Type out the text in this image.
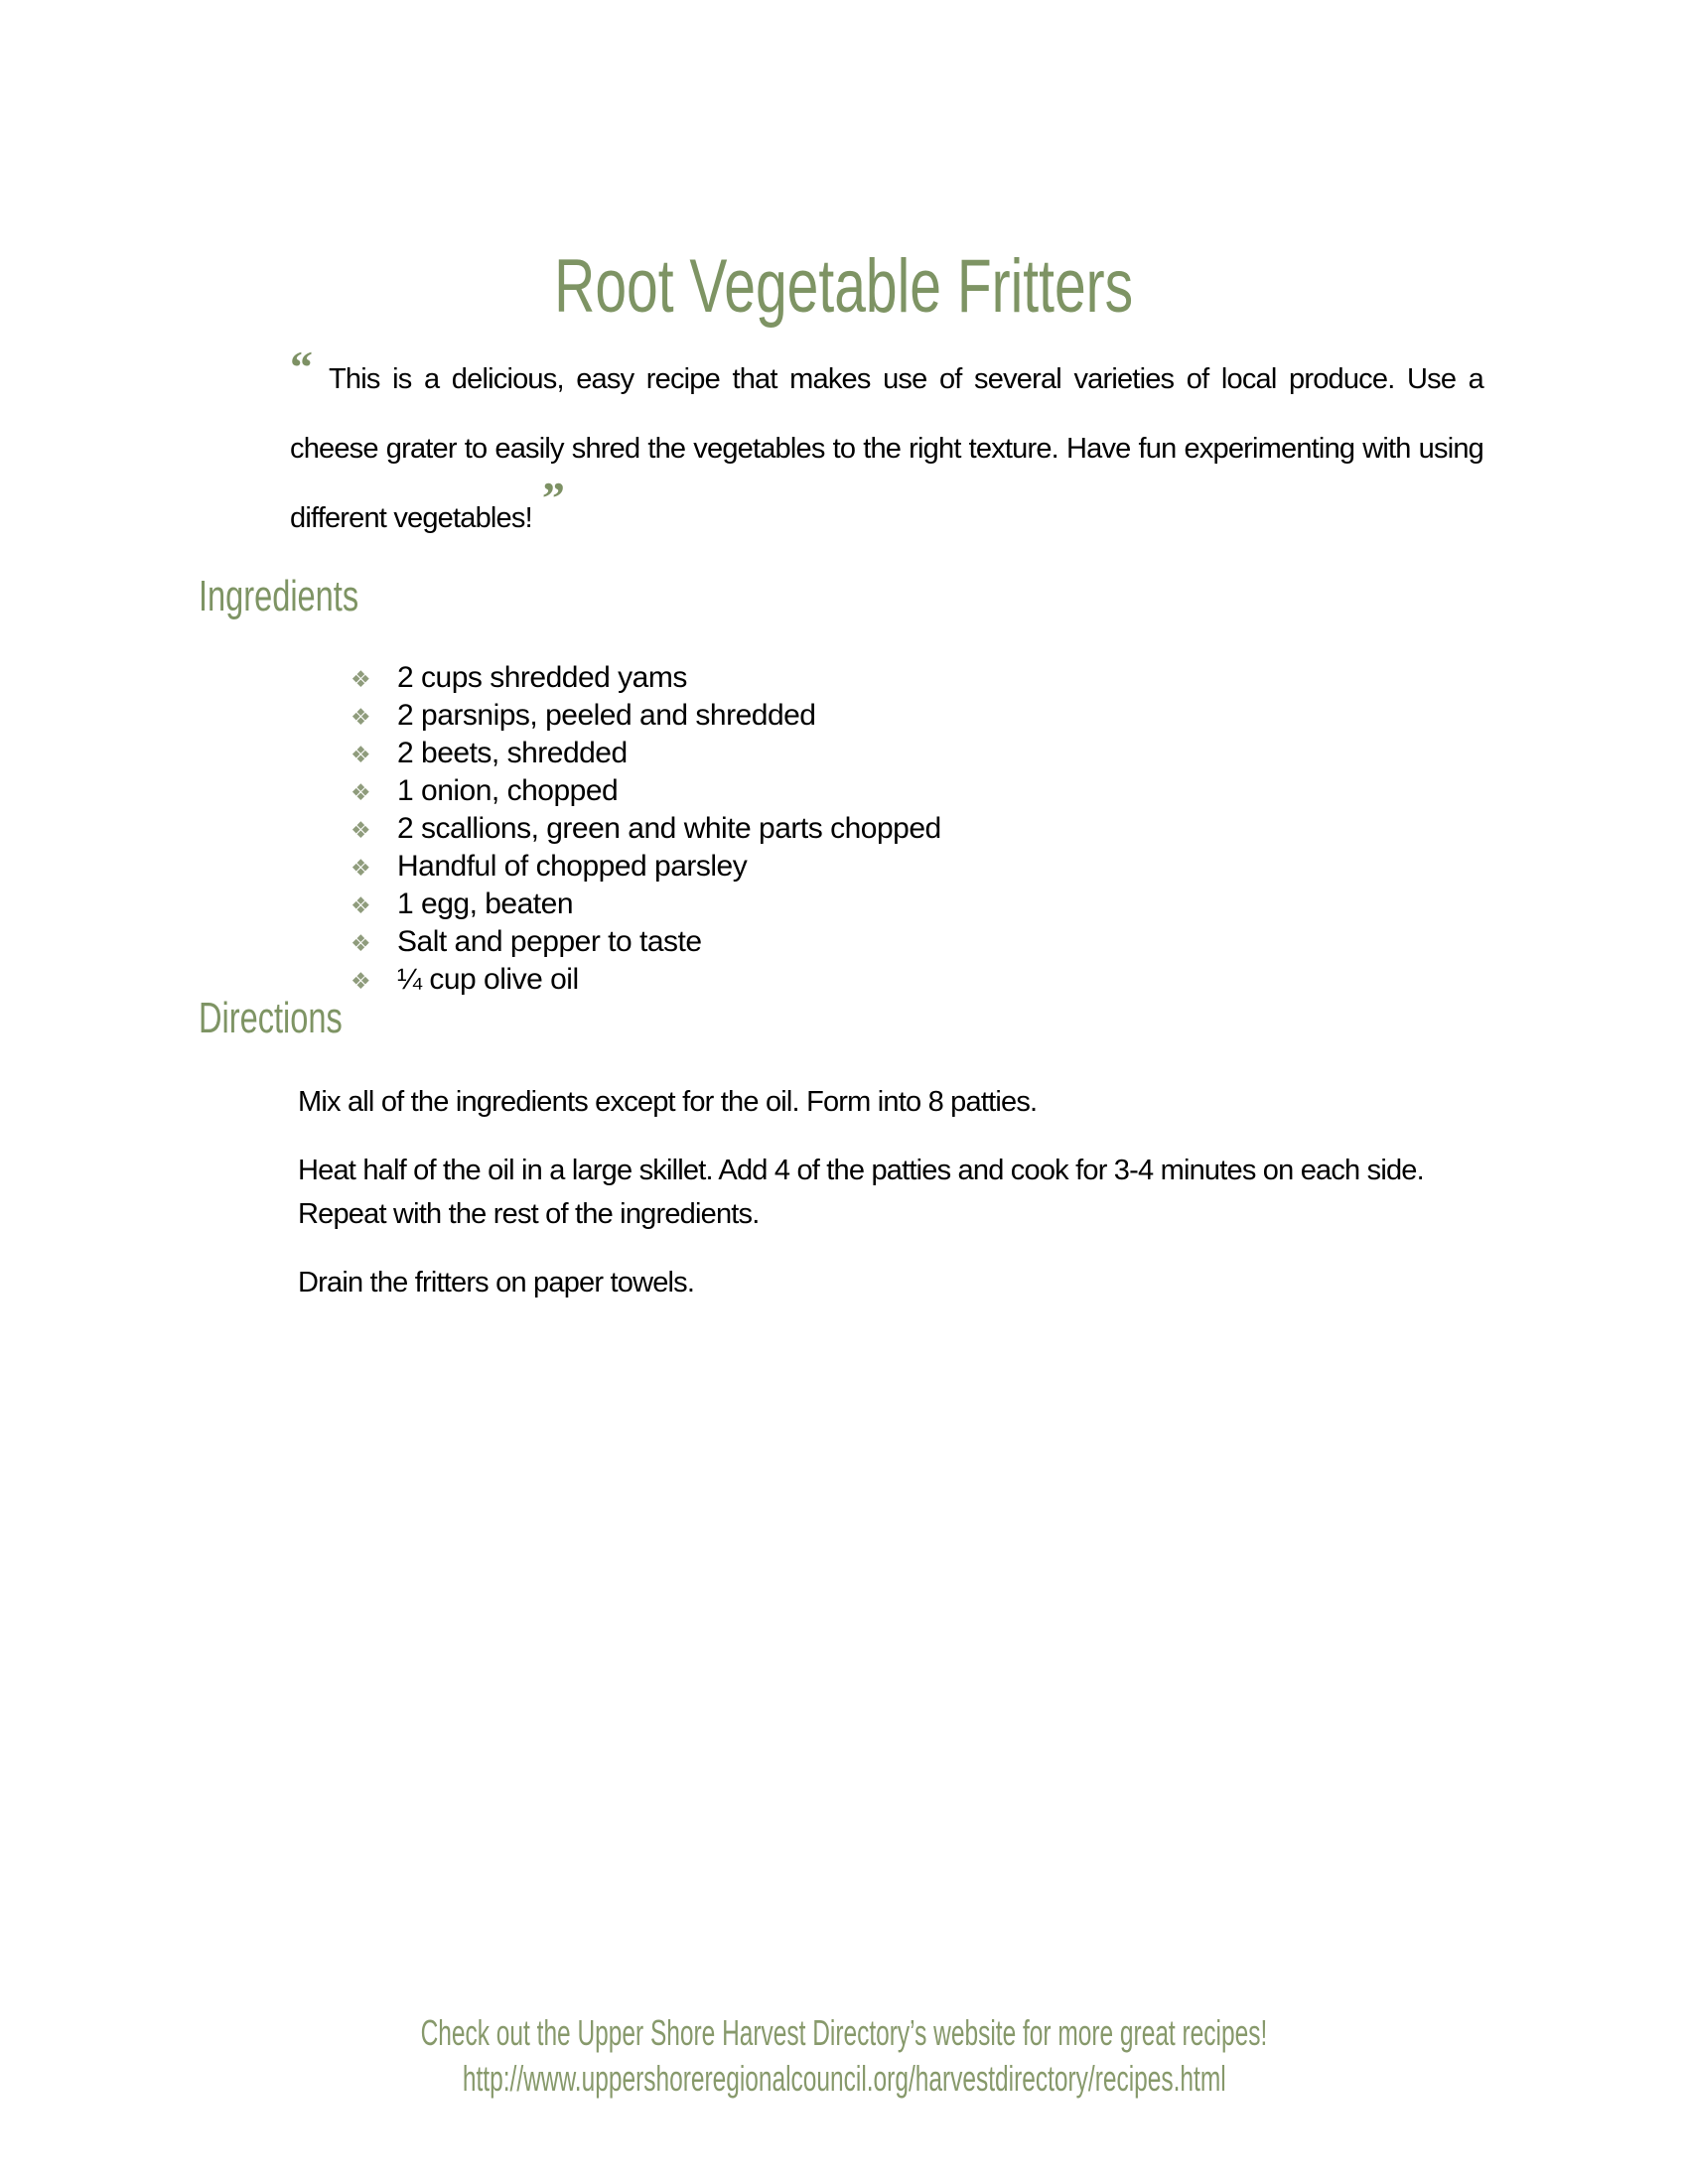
Root Vegetable Fritters

“ This is a delicious, easy recipe that makes use of several varieties of local produce. Use a cheese grater to easily shred the vegetables to the right texture. Have fun experimenting with using different vegetables! ”

Ingredients
❖ 2 cups shredded yams
❖ 2 parsnips, peeled and shredded
❖ 2 beets, shredded
❖ 1 onion, chopped
❖ 2 scallions, green and white parts chopped
❖ Handful of chopped parsley
❖ 1 egg, beaten
❖ Salt and pepper to taste
❖ ¼ cup olive oil
Directions

Mix all of the ingredients except for the oil. Form into 8 patties.

Heat half of the oil in a large skillet. Add 4 of the patties and cook for 3-4 minutes on each side. Repeat with the rest of the ingredients.

Drain the fritters on paper towels.

Check out the Upper Shore Harvest Directory’s website for more great recipes!
http://www.uppershoreregionalcouncil.org/harvestdirectory/recipes.html
